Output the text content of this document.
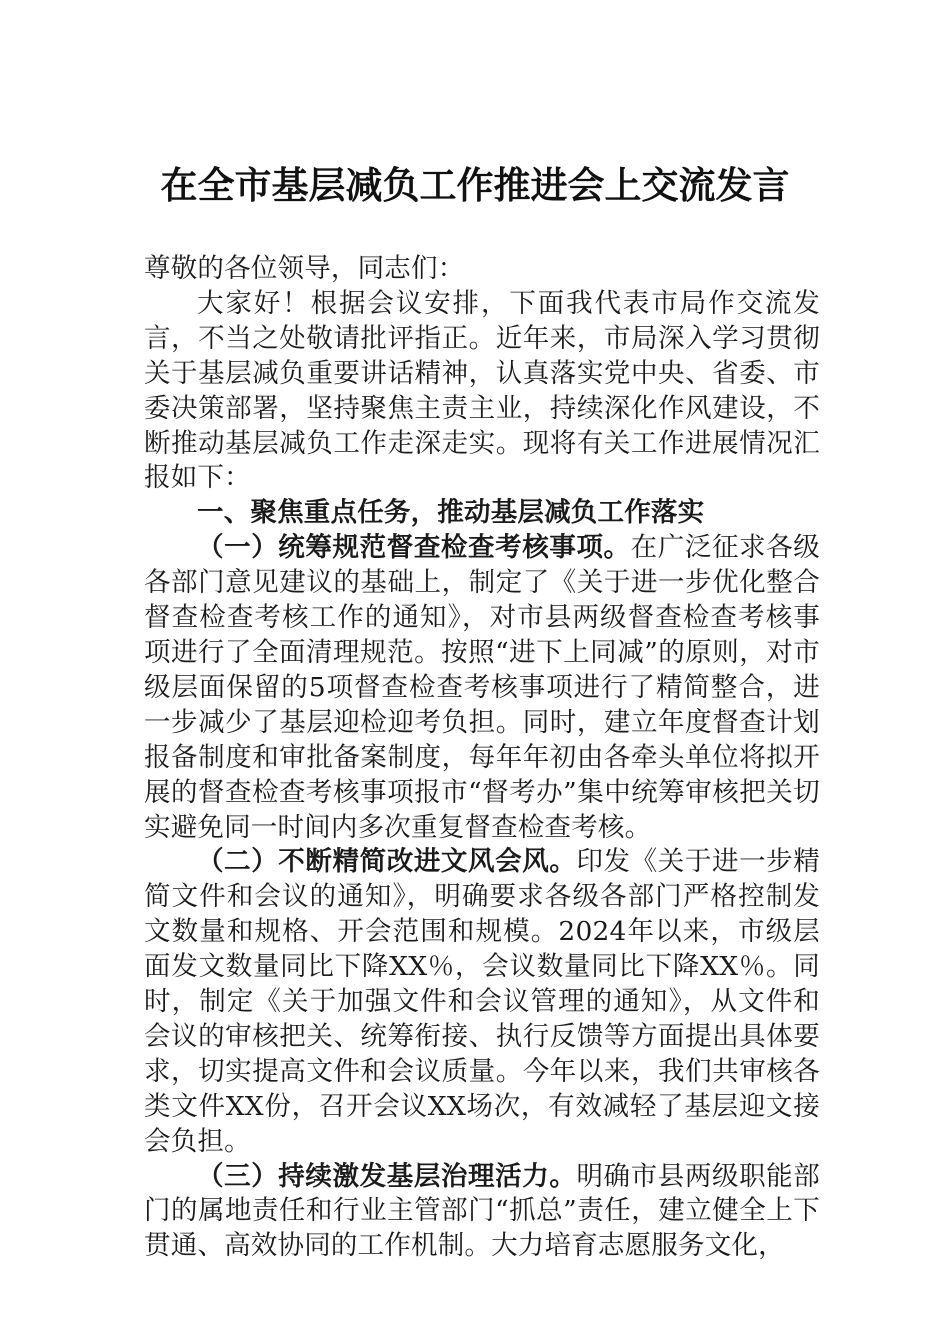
在全市基层减负工作推进会上交流发言

尊敬的各位领导，同志们：

大家好！根据会议安排，下面我代表市局作交流发言，不当之处敬请批评指正。近年来，市局深入学习贯彻关于基层减负重要讲话精神，认真落实党中央、省委、市委决策部署，坚持聚焦主责主业，持续深化作风建设，不断推动基层减负工作走深走实。现将有关工作进展情况汇报如下：

一、聚焦重点任务，推动基层减负工作落实

（一）统筹规范督查检查考核事项。在广泛征求各级各部门意见建议的基础上，制定了《关于进一步优化整合督查检查考核工作的通知》，对市县两级督查检查考核事项进行了全面清理规范。按照“进下上同减”的原则，对市级层面保留的5项督查检查考核事项进行了精简整合，进一步减少了基层迎检迎考负担。同时，建立年度督查计划报备制度和审批备案制度，每年年初由各牵头单位将拟开展的督查检查考核事项报市“督考办”集中统筹审核把关切实避免同一时间内多次重复督查检查考核。

（二）不断精简改进文风会风。印发《关于进一步精简文件和会议的通知》，明确要求各级各部门严格控制发文数量和规格、开会范围和规模。2024年以来，市级层面发文数量同比下降XX％，会议数量同比下降XX％。同时，制定《关于加强文件和会议管理的通知》，从文件和会议的审核把关、统筹衔接、执行反馈等方面提出具体要求，切实提高文件和会议质量。今年以来，我们共审核各类文件XX份，召开会议XX场次，有效减轻了基层迎文接会负担。

（三）持续激发基层治理活力。明确市县两级职能部门的属地责任和行业主管部门“抓总”责任，建立健全上下贯通、高效协同的工作机制。大力培育志愿服务文化，
